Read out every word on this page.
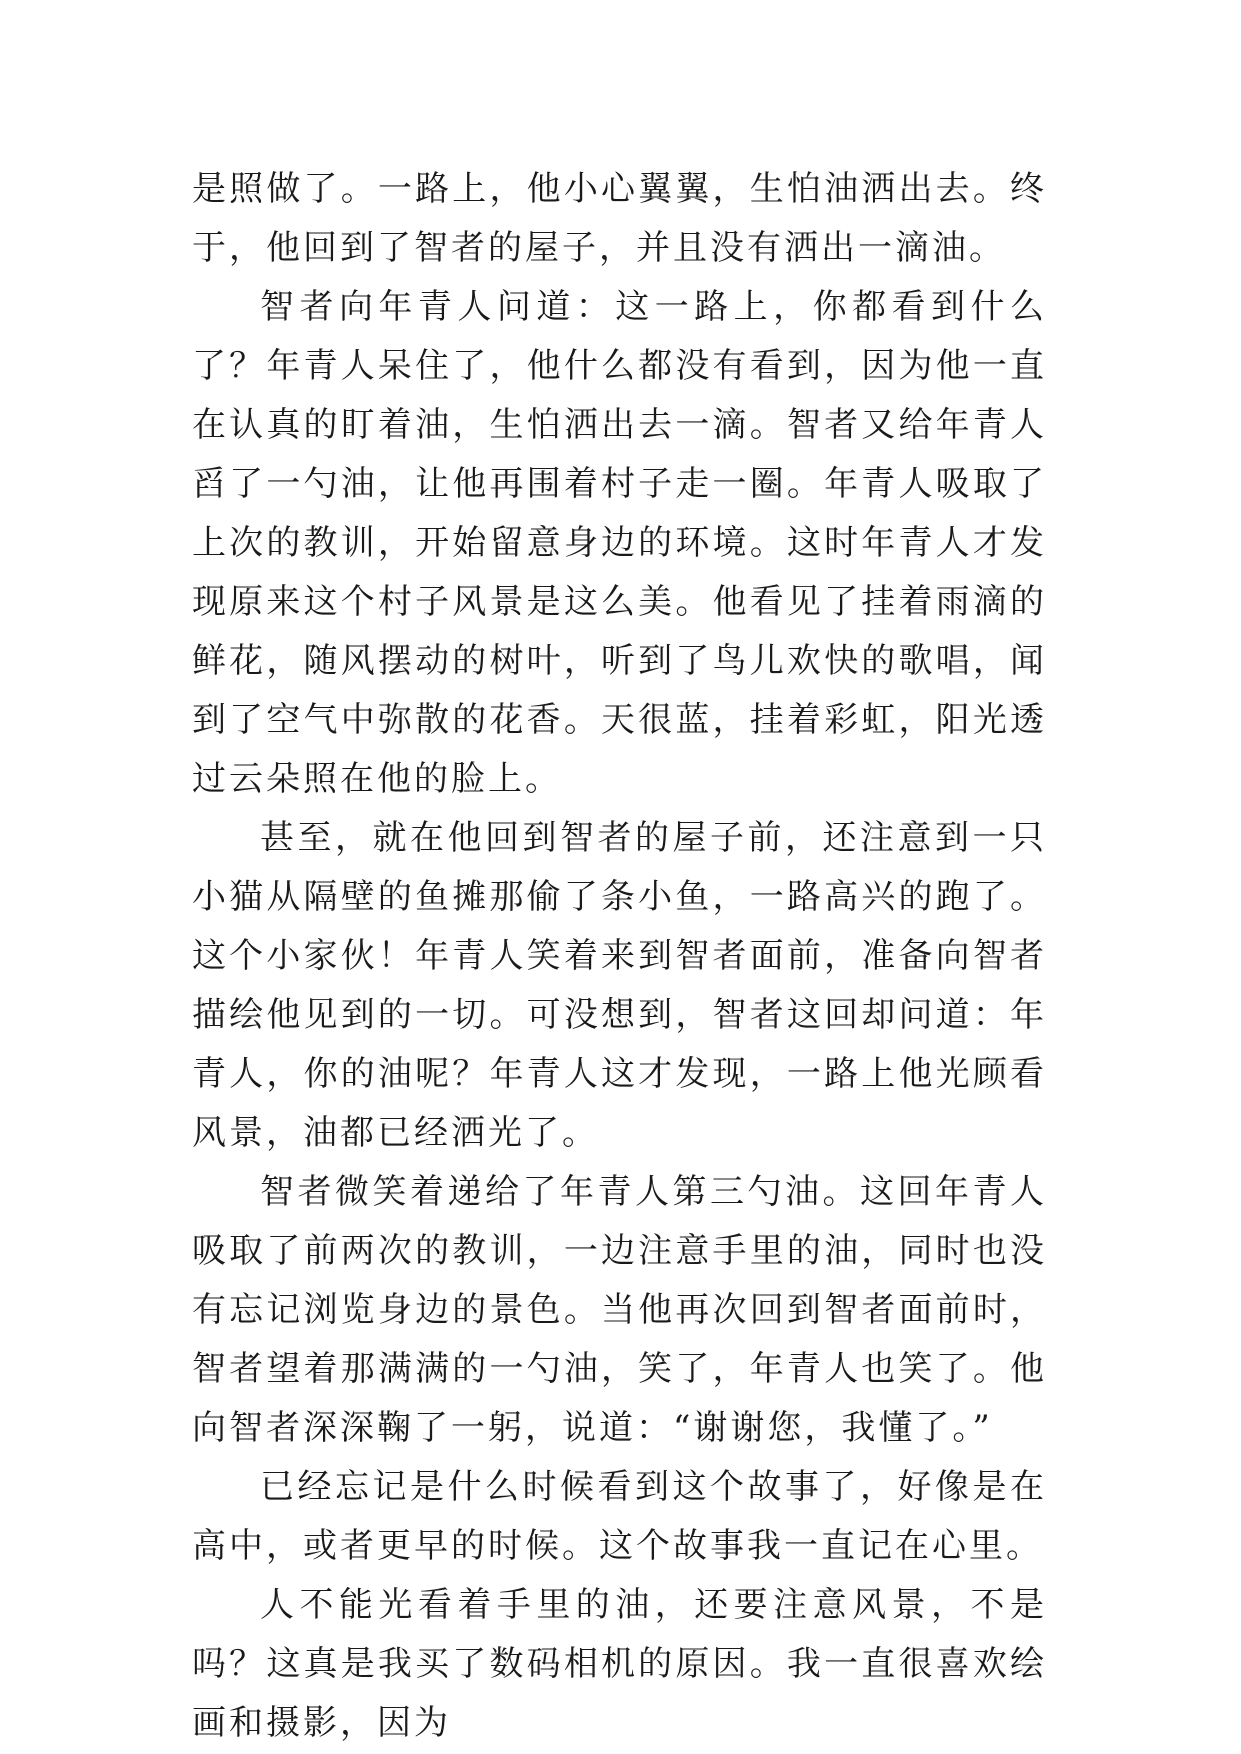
是照做了。一路上，他小心翼翼，生怕油洒出去。终于，他回到了智者的屋子，并且没有洒出一滴油。

智者向年青人问道：这一路上，你都看到什么了？年青人呆住了，他什么都没有看到，因为他一直在认真的盯着油，生怕洒出去一滴。智者又给年青人舀了一勺油，让他再围着村子走一圈。年青人吸取了上次的教训，开始留意身边的环境。这时年青人才发现原来这个村子风景是这么美。他看见了挂着雨滴的鲜花，随风摆动的树叶，听到了鸟儿欢快的歌唱，闻到了空气中弥散的花香。天很蓝，挂着彩虹，阳光透过云朵照在他的脸上。

甚至，就在他回到智者的屋子前，还注意到一只小猫从隔壁的鱼摊那偷了条小鱼，一路高兴的跑了。这个小家伙！年青人笑着来到智者面前，准备向智者描绘他见到的一切。可没想到，智者这回却问道：年青人，你的油呢？年青人这才发现，一路上他光顾看风景，油都已经洒光了。

智者微笑着递给了年青人第三勺油。这回年青人吸取了前两次的教训，一边注意手里的油，同时也没有忘记浏览身边的景色。当他再次回到智者面前时，智者望着那满满的一勺油，笑了，年青人也笑了。他向智者深深鞠了一躬，说道：“谢谢您，我懂了。”

已经忘记是什么时候看到这个故事了，好像是在高中，或者更早的时候。这个故事我一直记在心里。

人不能光看着手里的油，还要注意风景，不是吗？这真是我买了数码相机的原因。我一直很喜欢绘画和摄影，因为
